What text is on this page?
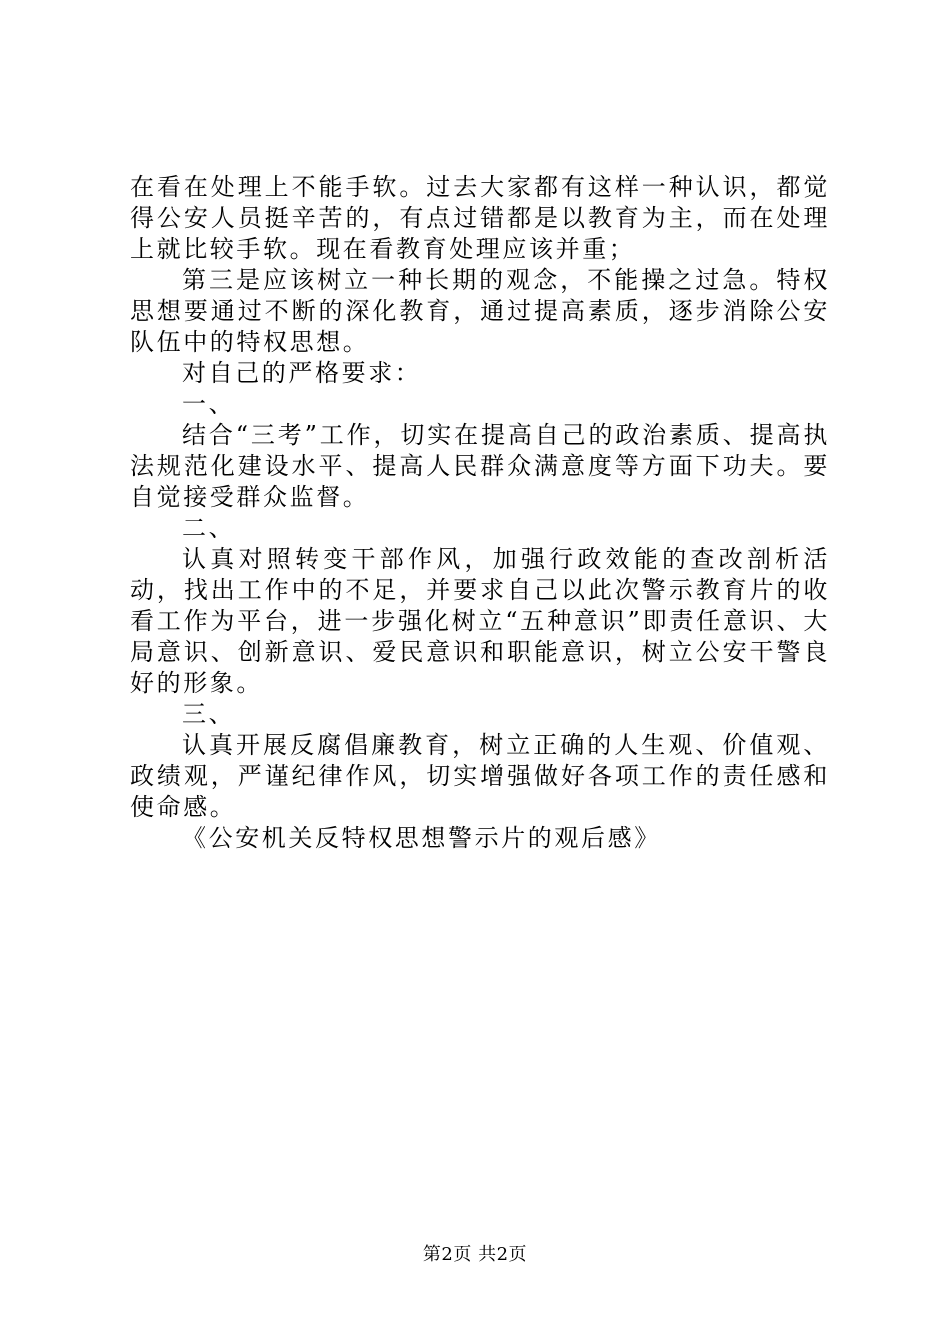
在看在处理上不能手软。过去大家都有这样一种认识，都觉得公安人员挺辛苦的，有点过错都是以教育为主，而在处理上就比较手软。现在看教育处理应该并重；

第三是应该树立一种长期的观念，不能操之过急。特权思想要通过不断的深化教育，通过提高素质，逐步消除公安队伍中的特权思想。

对自己的严格要求：

一、

结合“三考”工作，切实在提高自己的政治素质、提高执法规范化建设水平、提高人民群众满意度等方面下功夫。要自觉接受群众监督。

二、

认真对照转变干部作风，加强行政效能的查改剖析活动，找出工作中的不足，并要求自己以此次警示教育片的收看工作为平台，进一步强化树立“五种意识”即责任意识、大局意识、创新意识、爱民意识和职能意识，树立公安干警良好的形象。

三、

认真开展反腐倡廉教育，树立正确的人生观、价值观、政绩观，严谨纪律作风，切实增强做好各项工作的责任感和使命感。

《公安机关反特权思想警示片的观后感》

第2页 共2页
